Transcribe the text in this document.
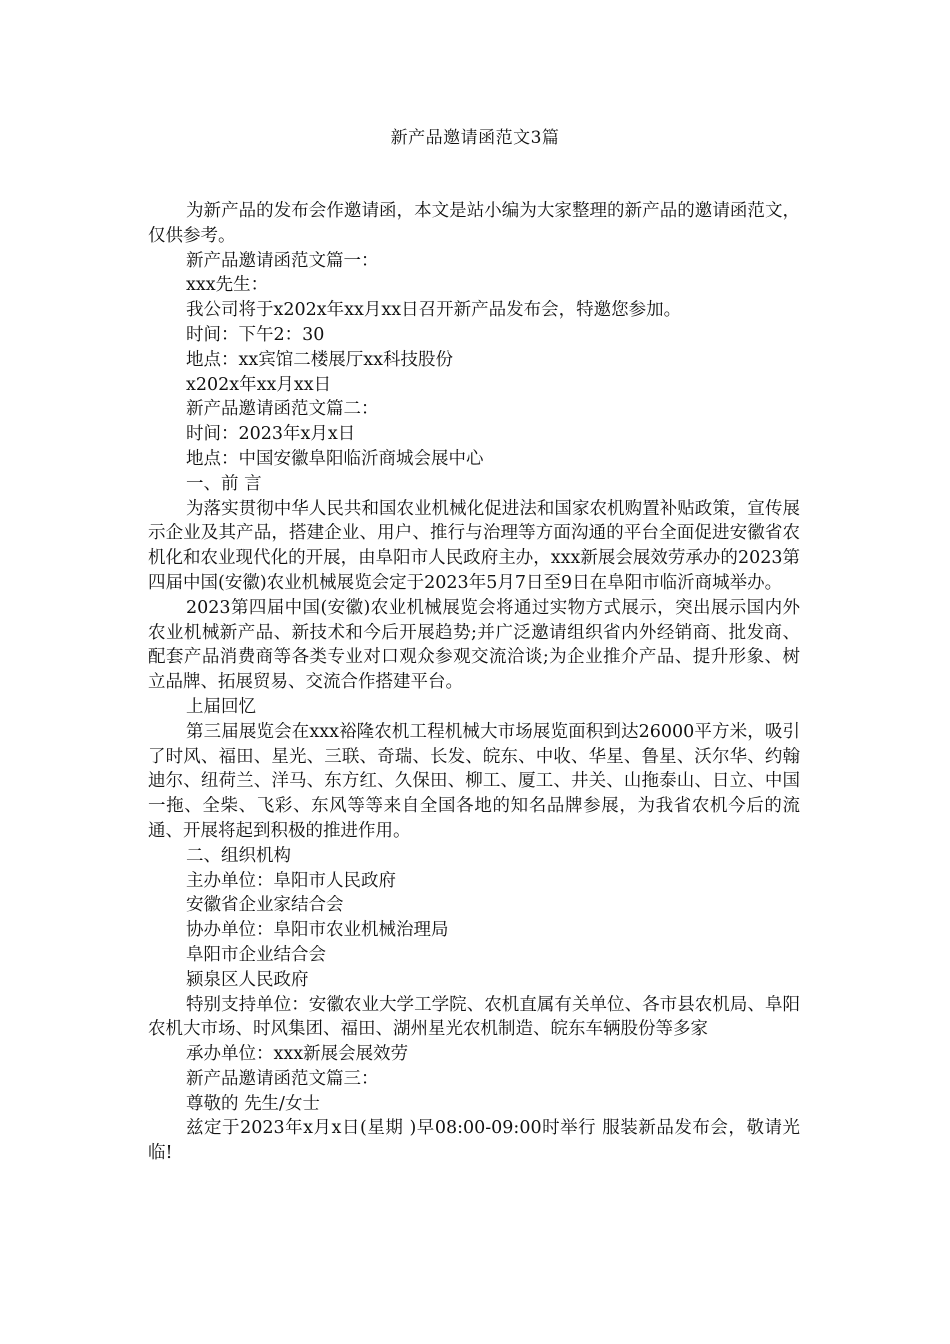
新产品邀请函范文3篇

为新产品的发布会作邀请函，本文是站小编为大家整理的新产品的邀请函范文，仅供参考。

新产品邀请函范文篇一：

xxx先生：

我公司将于x202x年xx月xx日召开新产品发布会，特邀您参加。

时间：下午2：30

地点：xx宾馆二楼展厅xx科技股份

x202x年xx月xx日

新产品邀请函范文篇二：

时间：2023年x月x日

地点：中国安徽阜阳临沂商城会展中心

一、前 言

为落实贯彻中华人民共和国农业机械化促进法和国家农机购置补贴政策，宣传展示企业及其产品，搭建企业、用户、推行与治理等方面沟通的平台全面促进安徽省农机化和农业现代化的开展，由阜阳市人民政府主办，xxx新展会展效劳承办的2023第四届中国(安徽)农业机械展览会定于2023年5月7日至9日在阜阳市临沂商城举办。

2023第四届中国(安徽)农业机械展览会将通过实物方式展示，突出展示国内外农业机械新产品、新技术和今后开展趋势;并广泛邀请组织省内外经销商、批发商、配套产品消费商等各类专业对口观众参观交流洽谈;为企业推介产品、提升形象、树立品牌、拓展贸易、交流合作搭建平台。

上届回忆

第三届展览会在xxx裕隆农机工程机械大市场展览面积到达26000平方米，吸引了时风、福田、星光、三联、奇瑞、长发、皖东、中收、华星、鲁星、沃尔华、约翰迪尔、纽荷兰、洋马、东方红、久保田、柳工、厦工、井关、山拖泰山、日立、中国一拖、全柴、飞彩、东风等等来自全国各地的知名品牌参展，为我省农机今后的流通、开展将起到积极的推进作用。

二、组织机构

主办单位：阜阳市人民政府

安徽省企业家结合会

协办单位：阜阳市农业机械治理局

阜阳市企业结合会

颍泉区人民政府

特别支持单位：安徽农业大学工学院、农机直属有关单位、各市县农机局、阜阳农机大市场、时风集团、福田、湖州星光农机制造、皖东车辆股份等多家

承办单位：xxx新展会展效劳

新产品邀请函范文篇三：

尊敬的 先生/女士

兹定于2023年x月x日(星期 )早08:00-09:00时举行 服装新品发布会，敬请光临!
